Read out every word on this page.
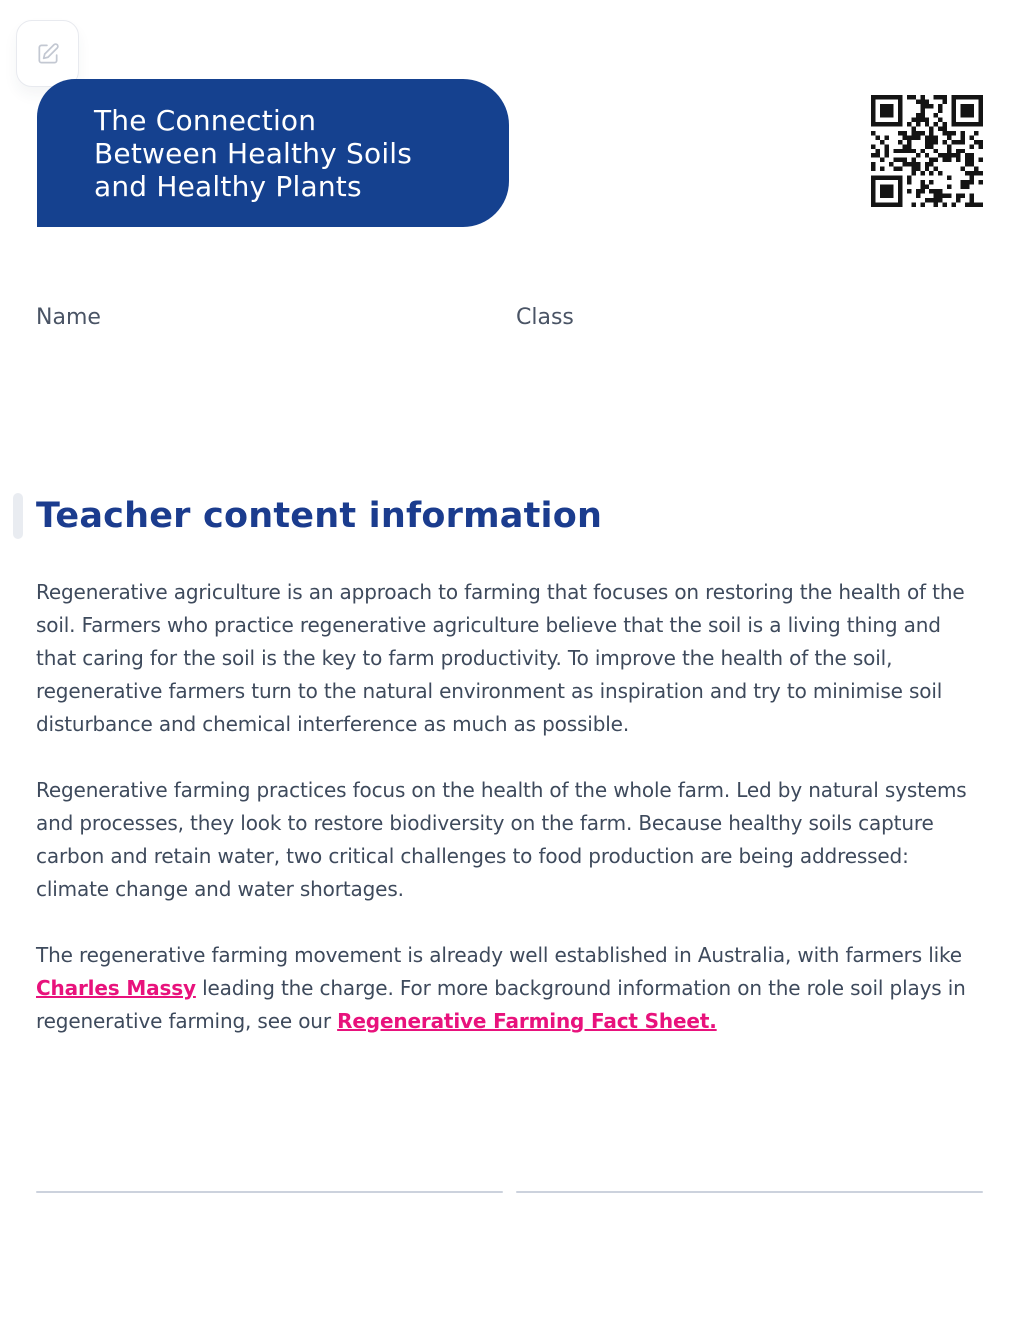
The Connection
Between Healthy Soils
and Healthy Plants
Name	Class
Teacher content information

Regenerative agriculture is an approach to farming that focuses on restoring the health of the soil. Farmers who practice regenerative agriculture believe that the soil is a living thing and that caring for the soil is the key to farm productivity. To improve the health of the soil, regenerative farmers turn to the natural environment as inspiration and try to minimise soil disturbance and chemical interference as much as possible.

Regenerative farming practices focus on the health of the whole farm. Led by natural systems and processes, they look to restore biodiversity on the farm. Because healthy soils capture carbon and retain water, two critical challenges to food production are being addressed: climate change and water shortages.

The regenerative farming movement is already well established in Australia, with farmers like Charles Massy leading the charge. For more background information on the role soil plays in regenerative farming, see our Regenerative Farming Fact Sheet.
